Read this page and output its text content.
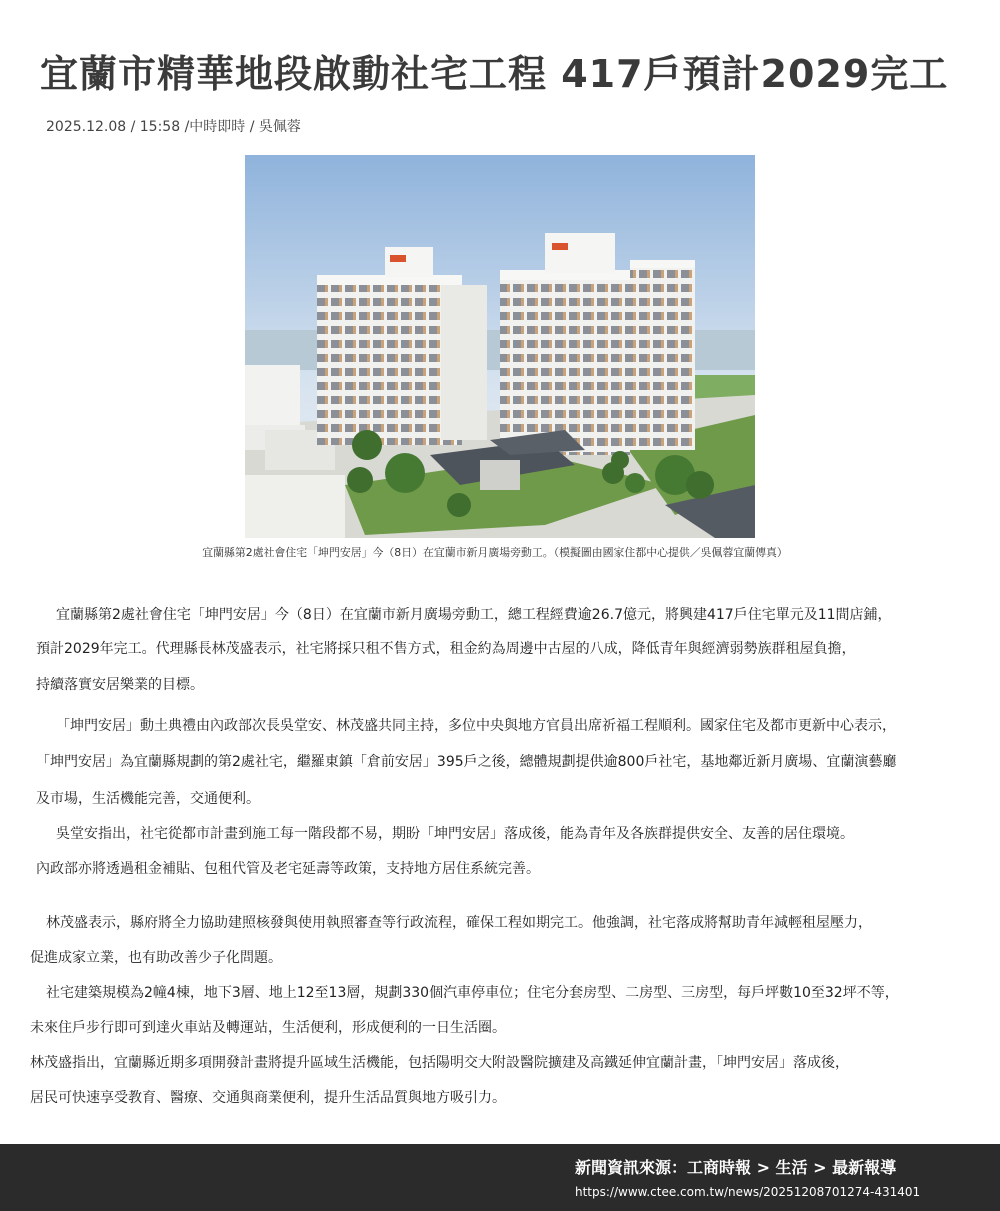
宜蘭市精華地段啟動社宅工程 417戶預計2029完工
2025.12.08 / 15:58 /中時即時 / 吳佩蓉
宜蘭縣第2處社會住宅「坤門安居」今（8日）在宜蘭市新月廣場旁動工。（模擬圖由國家住都中心提供／吳佩蓉宜蘭傳真）
宜蘭縣第2處社會住宅「坤門安居」今（8日）在宜蘭市新月廣場旁動工，總工程經費逾26.7億元，將興建417戶住宅單元及11間店鋪，
預計2029年完工。代理縣長林茂盛表示，社宅將採只租不售方式，租金約為周邊中古屋的八成，降低青年與經濟弱勢族群租屋負擔，
持續落實安居樂業的目標。
「坤門安居」動土典禮由內政部次長吳堂安、林茂盛共同主持，多位中央與地方官員出席祈福工程順利。國家住宅及都市更新中心表示，
「坤門安居」為宜蘭縣規劃的第2處社宅，繼羅東鎮「倉前安居」395戶之後，總體規劃提供逾800戶社宅，基地鄰近新月廣場、宜蘭演藝廳
及市場，生活機能完善，交通便利。
吳堂安指出，社宅從都市計畫到施工每一階段都不易，期盼「坤門安居」落成後，能為青年及各族群提供安全、友善的居住環境。
內政部亦將透過租金補貼、包租代管及老宅延壽等政策，支持地方居住系統完善。
林茂盛表示，縣府將全力協助建照核發與使用執照審查等行政流程，確保工程如期完工。他強調，社宅落成將幫助青年減輕租屋壓力，
促進成家立業，也有助改善少子化問題。
社宅建築規模為2幢4棟，地下3層、地上12至13層，規劃330個汽車停車位；住宅分套房型、二房型、三房型，每戶坪數10至32坪不等，
未來住戶步行即可到達火車站及轉運站，生活便利，形成便利的一日生活圈。
林茂盛指出，宜蘭縣近期多項開發計畫將提升區域生活機能，包括陽明交大附設醫院擴建及高鐵延伸宜蘭計畫，「坤門安居」落成後，
居民可快速享受教育、醫療、交通與商業便利，提升生活品質與地方吸引力。
新聞資訊來源：工商時報 > 生活 > 最新報導
https://www.ctee.com.tw/news/20251208701274-431401
